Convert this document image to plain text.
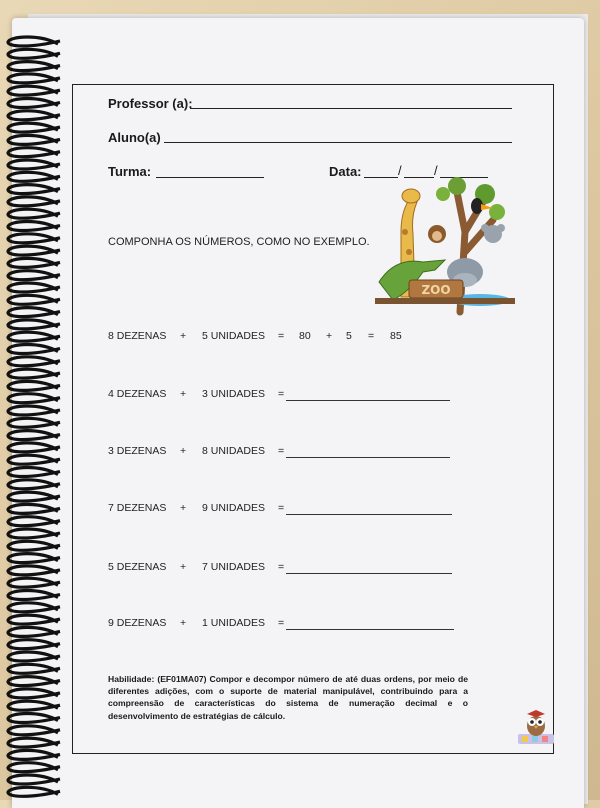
Professor (a):
Aluno(a)
Turma:	Data:	/ /
COMPONHA OS NÚMEROS, COMO NO EXEMPLO.
ZOO
8 DEZENAS + 5 UNIDADES = 80 + 5 = 85
4 DEZENAS + 3 UNIDADES =
3 DEZENAS + 8 UNIDADES =
7 DEZENAS + 9 UNIDADES =
5 DEZENAS + 7 UNIDADES =
9 DEZENAS + 1 UNIDADES =
Habilidade: (EF01MA07) Compor e decompor número de até duas ordens, por meio de diferentes adições, com o suporte de material manipulável, contribuindo para a compreensão de características do sistema de numeração decimal e o desenvolvimento de estratégias de cálculo.
